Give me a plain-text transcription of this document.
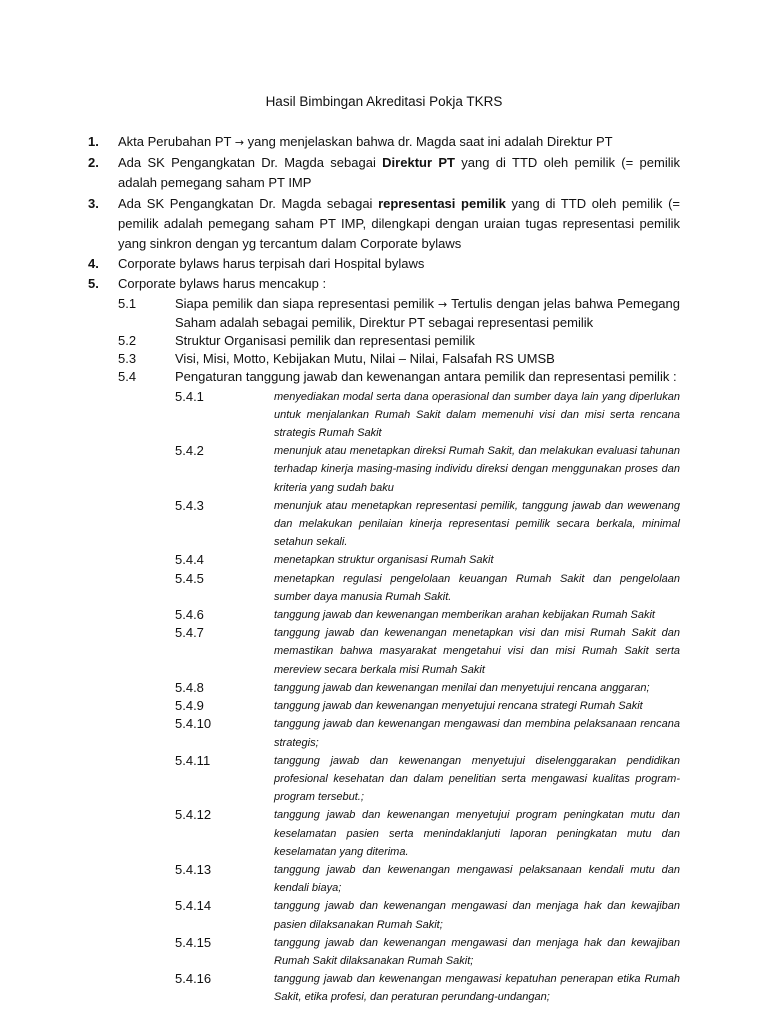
Hasil Bimbingan Akreditasi Pokja TKRS
1. Akta Perubahan PT → yang menjelaskan bahwa dr. Magda saat ini adalah Direktur PT
2. Ada SK Pengangkatan Dr. Magda sebagai Direktur PT yang di TTD oleh pemilik (= pemilik adalah pemegang saham PT IMP
3. Ada SK Pengangkatan Dr. Magda sebagai representasi pemilik yang di TTD oleh pemilik (= pemilik adalah pemegang saham PT IMP, dilengkapi dengan uraian tugas representasi pemilik yang sinkron dengan yg tercantum dalam Corporate bylaws
4. Corporate bylaws harus terpisah dari Hospital bylaws
5. Corporate bylaws harus mencakup :
5.1	Siapa pemilik dan siapa representasi pemilik → Tertulis dengan jelas bahwa Pemegang Saham adalah sebagai pemilik, Direktur PT sebagai representasi pemilik
5.2	Struktur Organisasi pemilik dan representasi pemilik
5.3	Visi, Misi, Motto, Kebijakan Mutu, Nilai – Nilai, Falsafah RS UMSB
5.4	Pengaturan tanggung jawab dan kewenangan antara pemilik dan representasi pemilik :
5.4.1	menyediakan modal serta dana operasional dan sumber daya lain yang diperlukan untuk menjalankan Rumah Sakit dalam memenuhi visi dan misi serta rencana strategis Rumah Sakit
5.4.2	menunjuk atau menetapkan direksi Rumah Sakit, dan melakukan evaluasi tahunan terhadap kinerja masing-masing individu direksi dengan menggunakan proses dan kriteria yang sudah baku
5.4.3	menunjuk atau menetapkan representasi pemilik, tanggung jawab dan wewenang dan melakukan penilaian kinerja representasi pemilik secara berkala, minimal setahun sekali.
5.4.4	menetapkan struktur organisasi Rumah Sakit
5.4.5	menetapkan regulasi pengelolaan keuangan Rumah Sakit dan pengelolaan sumber daya manusia Rumah Sakit.
5.4.6	tanggung jawab dan kewenangan memberikan arahan kebijakan Rumah Sakit
5.4.7	tanggung jawab dan kewenangan menetapkan visi dan misi Rumah Sakit dan memastikan bahwa masyarakat mengetahui visi dan misi Rumah Sakit serta mereview secara berkala misi Rumah Sakit
5.4.8	tanggung jawab dan kewenangan menilai dan menyetujui rencana anggaran;
5.4.9	tanggung jawab dan kewenangan menyetujui rencana strategi Rumah Sakit
5.4.10	tanggung jawab dan kewenangan mengawasi dan membina pelaksanaan rencana strategis;
5.4.11	tanggung jawab dan kewenangan menyetujui diselenggarakan pendidikan profesional kesehatan dan dalam penelitian serta mengawasi kualitas program-program tersebut.;
5.4.12	tanggung jawab dan kewenangan menyetujui program peningkatan mutu dan keselamatan pasien serta menindaklanjuti laporan peningkatan mutu dan keselamatan yang diterima.
5.4.13	tanggung jawab dan kewenangan mengawasi pelaksanaan kendali mutu dan kendali biaya;
5.4.14	tanggung jawab dan kewenangan mengawasi dan menjaga hak dan kewajiban pasien dilaksanakan Rumah Sakit;
5.4.15	tanggung jawab dan kewenangan mengawasi dan menjaga hak dan kewajiban Rumah Sakit dilaksanakan Rumah Sakit;
5.4.16	tanggung jawab dan kewenangan mengawasi kepatuhan penerapan etika Rumah Sakit, etika profesi, dan peraturan perundang-undangan;
